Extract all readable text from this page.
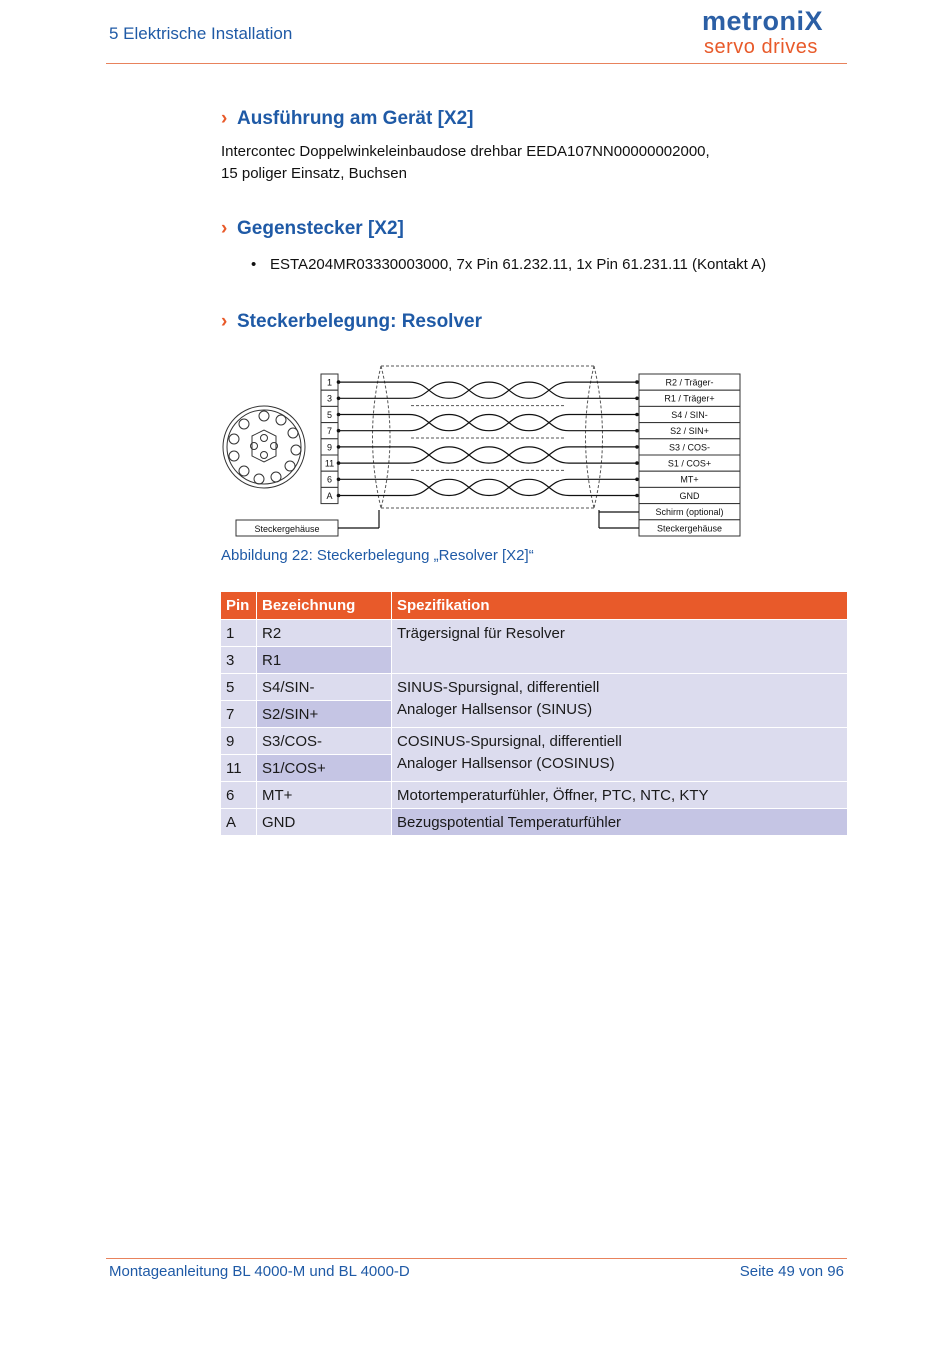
5 Elektrische Installation	metroniX
servo drives
› Ausführung am Gerät [X2]
Intercontec Doppelwinkeleinbaudose drehbar EEDA107NN00000002000,
15 poliger Einsatz, Buchsen
› Gegenstecker [X2]
• ESTA204MR03330003000, 7x Pin 61.232.11, 1x Pin 61.231.11 (Kontakt A)
› Steckerbelegung: Resolver
1
3
5
7
9
11
6
A
R2 / Träger-
R1 / Träger+
S4 / SIN-
S2 / SIN+
S3 / COS-
S1 / COS+
MT+
GND
Schirm (optional)
Steckergehäuse
Steckergehäuse
Abbildung 22: Steckerbelegung „Resolver [X2]“
Pin	Bezeichnung	Spezifikation
1	R2	Trägersignal für Resolver
3	R1	
5	S4/SIN-	SINUS-Spursignal, differentiell
Analoger Hallsensor (SINUS)

7	S2/SIN+	
9	S3/COS-	COSINUS-Spursignal, differentiell
Analoger Hallsensor (COSINUS)

11	S1/COS+	
6	MT+	Motortemperaturfühler, Öffner, PTC, NTC, KTY
A	GND	Bezugspotential Temperaturfühler
Montageanleitung BL 4000-M und BL 4000-D	Seite 49 von 96
